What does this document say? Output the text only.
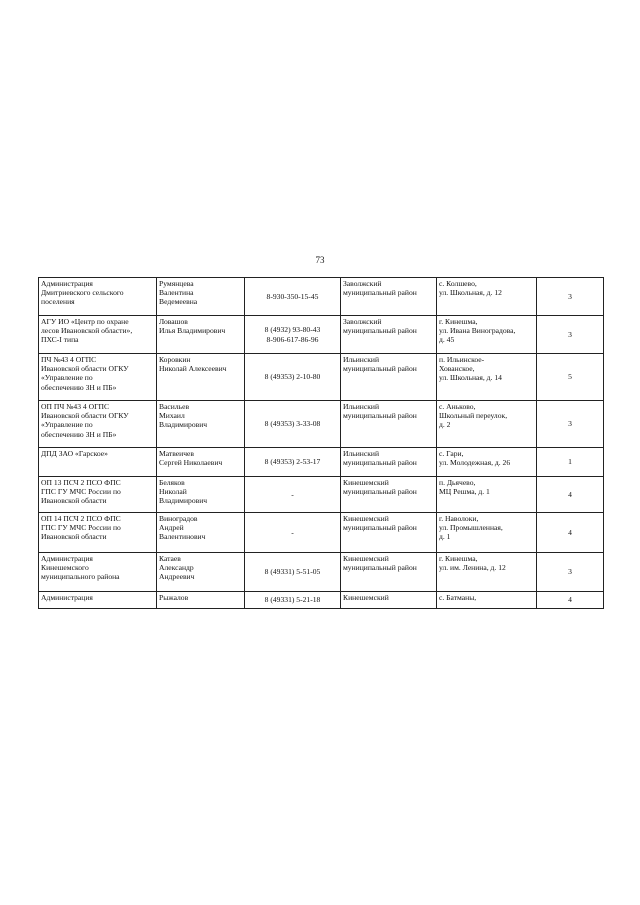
73
Администрация
Дмитриевского сельского
поселения	Румянцева
Валентина
Ведемеевна	8-930-350-15-45	Заволжский
муниципальный район	с. Колшево,
ул. Школьная, д. 12	3

АГУ ИО «Центр по охране
лесов Ивановской области»,
ПХС-I типа	Ловашов
Илья Владимирович	8 (4932) 93-80-43
8-906-617-86-96	Заволжский
муниципальный район	г. Кинешма,
ул. Ивана Виноградова,
д. 45	3

ПЧ №43 4 ОГПС
Ивановской области ОГКУ
«Управление по
обеспечению ЗН и ПБ»	Коровкин
Николай Алексеевич	8 (49353) 2-10-80	Ильинский
муниципальный район	п. Ильинское-
Хованское,
ул. Школьная, д. 14	5

ОП ПЧ №43 4 ОГПС
Ивановской области ОГКУ
«Управление по
обеспечению ЗН и ПБ»	Васильев
Михаил
Владимирович	8 (49353) 3-33-08	Ильинский
муниципальный район	с. Аньково,
Школьный переулок,
д. 2	3

ДПД ЗАО «Гарское»	Матвеичев
Сергей Николаевич	8 (49353) 2-53-17	Ильинский
муниципальный район	с. Гари,
ул. Молодежная, д. 26	1

ОП 13 ПСЧ 2 ПСО ФПС
ГПС ГУ МЧС России по
Ивановской области	Беляков
Николай
Владимирович	-	Кинешемский
муниципальный район	п. Дьячево,
МЦ Решма, д. 1	4

ОП 14 ПСЧ 2 ПСО ФПС
ГПС ГУ МЧС России по
Ивановской области	Виноградов
Андрей
Валентинович	-	Кинешемский
муниципальный район	г. Наволоки,
ул. Промышленная,
д. 1	4

Администрация
Кинешемского
муниципального района	Катаев
Александр
Андреевич	8 (49331) 5-51-05	Кинешемский
муниципальный район	г. Кинешма,
ул. им. Ленина, д. 12	3

Администрация	Рыжалов	8 (49331) 5-21-18	Кинешемский	с. Батманы,	4
